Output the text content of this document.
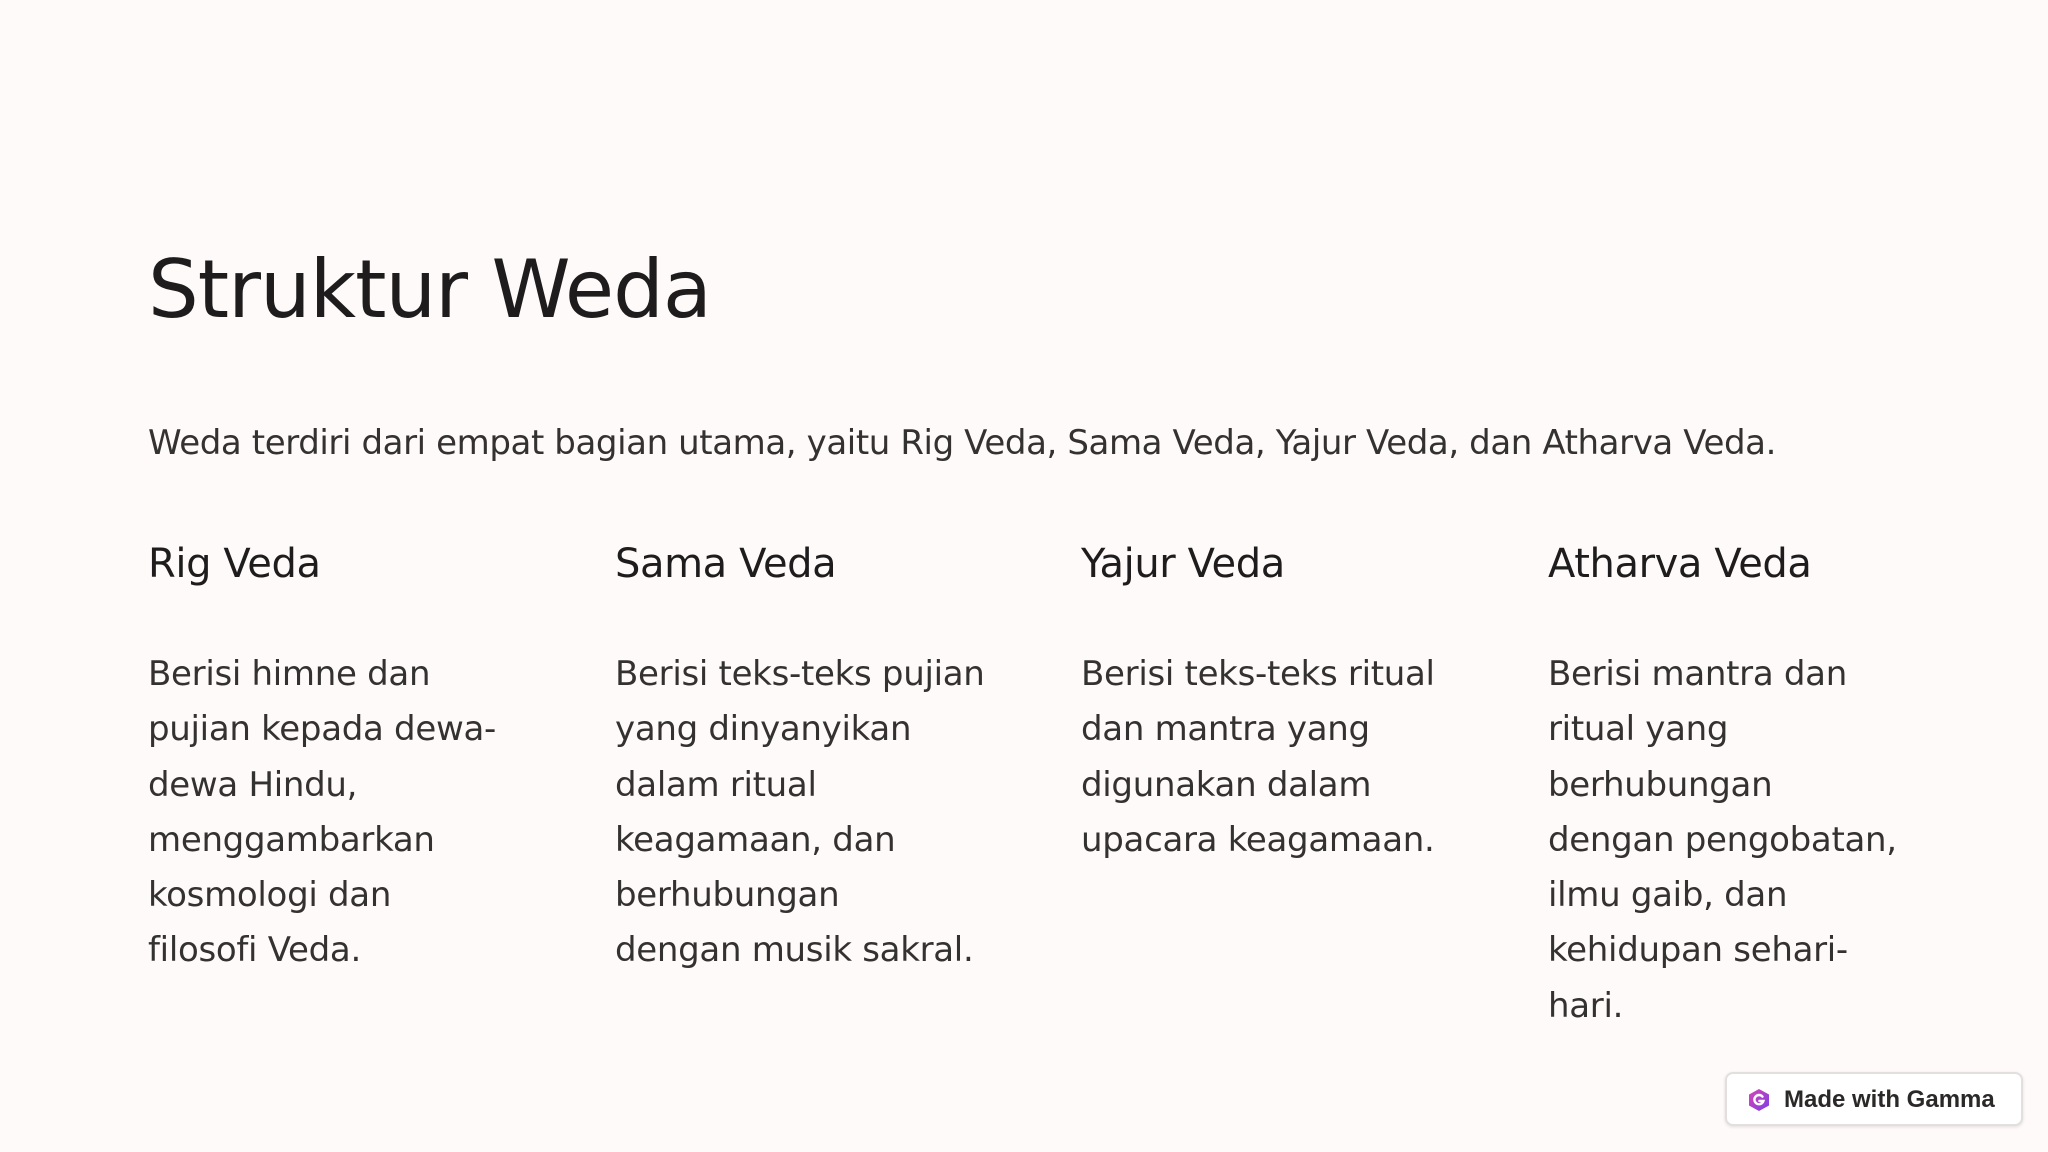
Struktur Weda

Weda terdiri dari empat bagian utama, yaitu Rig Veda, Sama Veda, Yajur Veda, dan Atharva Veda.

Rig Veda

Berisi himne dan
pujian kepada dewa-
dewa Hindu,
menggambarkan
kosmologi dan
filosofi Veda.

Sama Veda

Berisi teks-teks pujian
yang dinyanyikan
dalam ritual
keagamaan, dan
berhubungan
dengan musik sakral.

Yajur Veda

Berisi teks-teks ritual
dan mantra yang
digunakan dalam
upacara keagamaan.

Atharva Veda

Berisi mantra dan
ritual yang
berhubungan
dengan pengobatan,
ilmu gaib, dan
kehidupan sehari-
hari.

Made with Gamma
